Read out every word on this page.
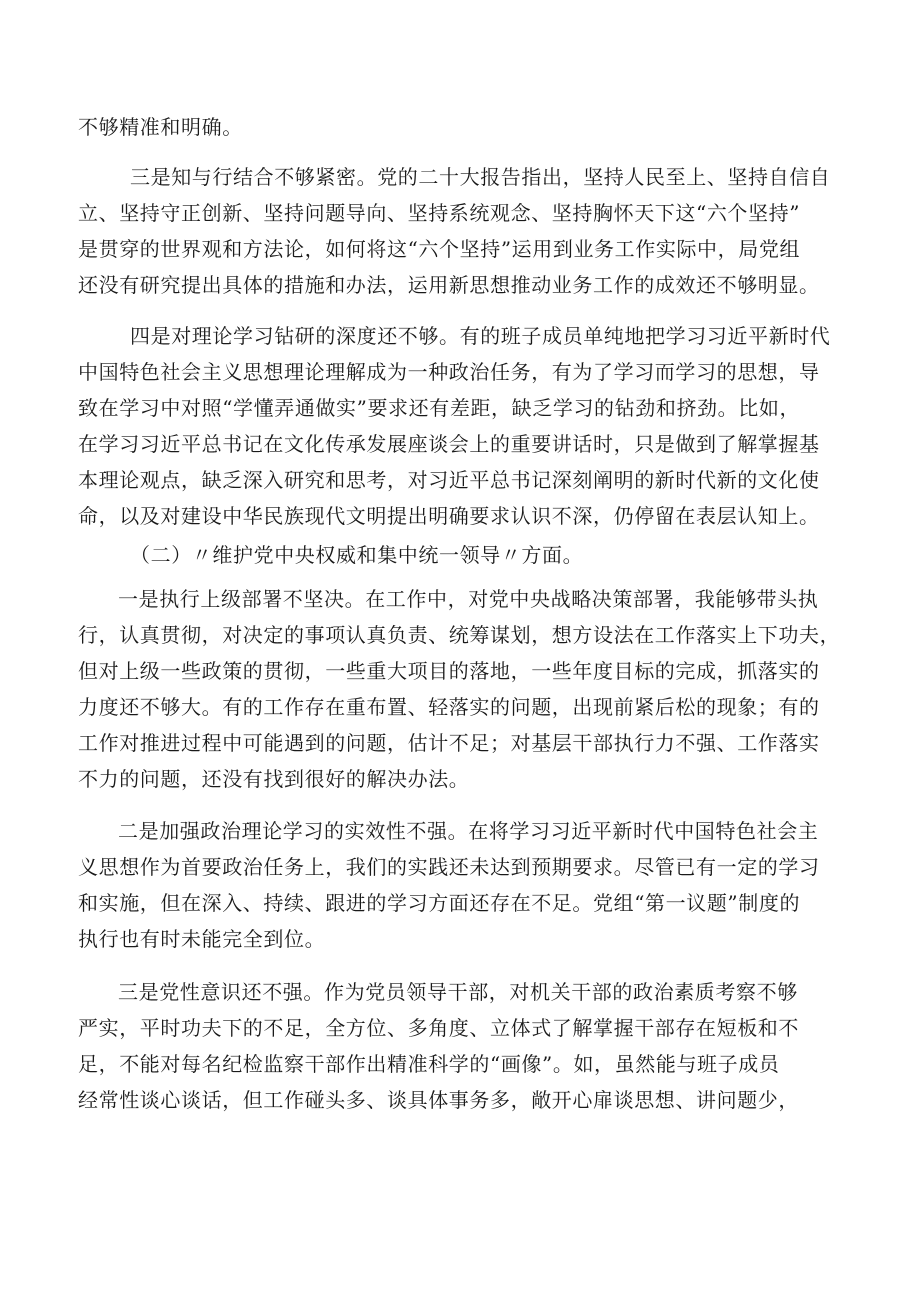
不够精准和明确。
三是知与行结合不够紧密。党的二十大报告指出，坚持人民至上、坚持自信自
立、坚持守正创新、坚持问题导向、坚持系统观念、坚持胸怀天下这“六个坚持”
是贯穿的世界观和方法论，如何将这“六个坚持”运用到业务工作实际中，局党组
还没有研究提出具体的措施和办法，运用新思想推动业务工作的成效还不够明显。
四是对理论学习钻研的深度还不够。有的班子成员单纯地把学习习近平新时代
中国特色社会主义思想理论理解成为一种政治任务，有为了学习而学习的思想，导
致在学习中对照“学懂弄通做实”要求还有差距，缺乏学习的钻劲和挤劲。比如，
在学习习近平总书记在文化传承发展座谈会上的重要讲话时，只是做到了解掌握基
本理论观点，缺乏深入研究和思考，对习近平总书记深刻阐明的新时代新的文化使
命，以及对建设中华民族现代文明提出明确要求认识不深，仍停留在表层认知上。
（二）〃维护党中央权威和集中统一领导〃方面。
一是执行上级部署不坚决。在工作中，对党中央战略决策部署，我能够带头执
行，认真贯彻，对决定的事项认真负责、统筹谋划，想方设法在工作落实上下功夫，
但对上级一些政策的贯彻，一些重大项目的落地，一些年度目标的完成，抓落实的
力度还不够大。有的工作存在重布置、轻落实的问题，出现前紧后松的现象；有的
工作对推进过程中可能遇到的问题，估计不足；对基层干部执行力不强、工作落实
不力的问题，还没有找到很好的解决办法。
二是加强政治理论学习的实效性不强。在将学习习近平新时代中国特色社会主
义思想作为首要政治任务上，我们的实践还未达到预期要求。尽管已有一定的学习
和实施，但在深入、持续、跟进的学习方面还存在不足。党组“第一议题”制度的
执行也有时未能完全到位。
三是党性意识还不强。作为党员领导干部，对机关干部的政治素质考察不够
严实，平时功夫下的不足，全方位、多角度、立体式了解掌握干部存在短板和不
足，不能对每名纪检监察干部作出精准科学的“画像”。如，虽然能与班子成员
经常性谈心谈话，但工作碰头多、谈具体事务多，敞开心扉谈思想、讲问题少，
